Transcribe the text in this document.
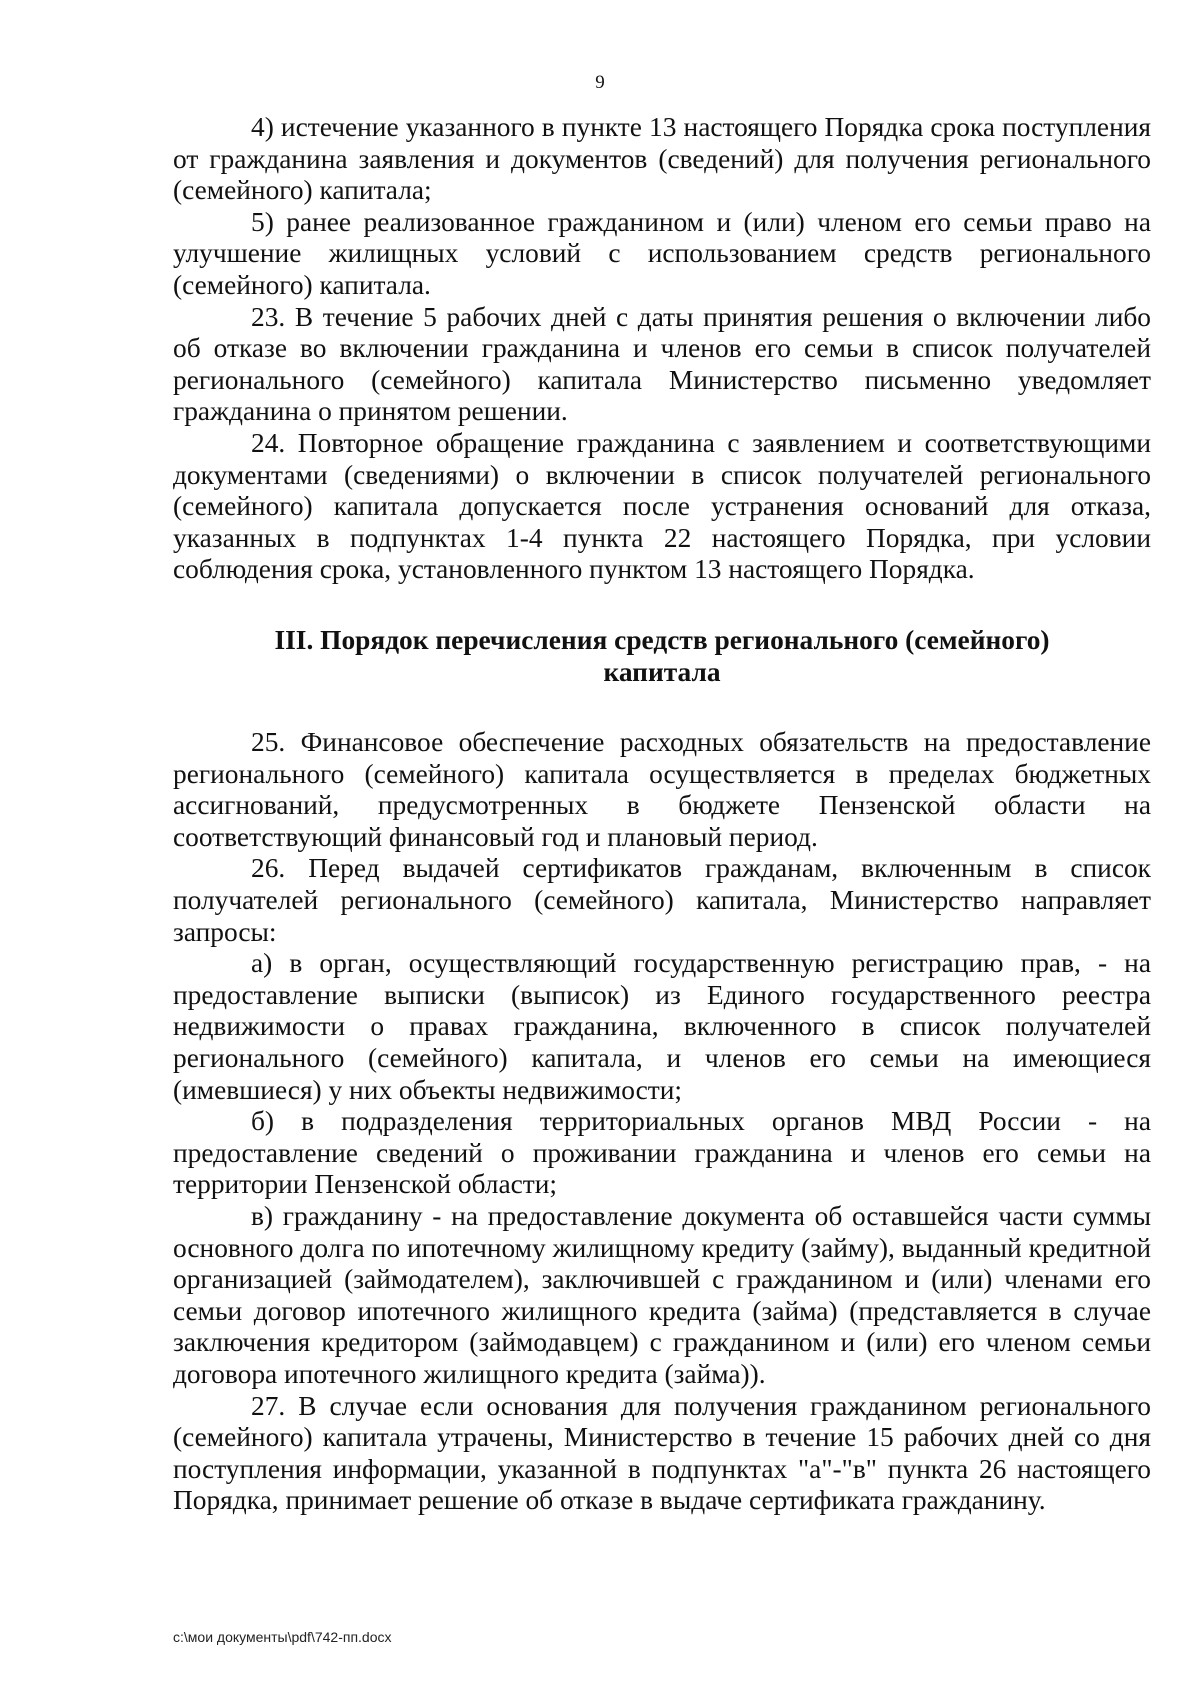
9

4) истечение указанного в пункте 13 настоящего Порядка срока поступления от гражданина заявления и документов (сведений) для получения регионального (семейного) капитала;

5) ранее реализованное гражданином и (или) членом его семьи право на улучшение жилищных условий с использованием средств регионального (семейного) капитала.

23. В течение 5 рабочих дней с даты принятия решения о включении либо об отказе во включении гражданина и членов его семьи в список получателей регионального (семейного) капитала Министерство письменно уведомляет гражданина о принятом решении.

24. Повторное обращение гражданина с заявлением и соответствующими документами (сведениями) о включении в список получателей регионального (семейного) капитала допускается после устранения оснований для отказа, указанных в подпунктах 1-4 пункта 22 настоящего Порядка, при условии соблюдения срока, установленного пунктом 13 настоящего Порядка.

III. Порядок перечисления средств регионального (семейного) капитала

25. Финансовое обеспечение расходных обязательств на предоставление регионального (семейного) капитала осуществляется в пределах бюджетных ассигнований, предусмотренных в бюджете Пензенской области на соответствующий финансовый год и плановый период.

26. Перед выдачей сертификатов гражданам, включенным в список получателей регионального (семейного) капитала, Министерство направляет запросы:

а) в орган, осуществляющий государственную регистрацию прав, - на предоставление выписки (выписок) из Единого государственного реестра недвижимости о правах гражданина, включенного в список получателей регионального (семейного) капитала, и членов его семьи на имеющиеся (имевшиеся) у них объекты недвижимости;

б) в подразделения территориальных органов МВД России - на предоставление сведений о проживании гражданина и членов его семьи на территории Пензенской области;

в) гражданину - на предоставление документа об оставшейся части суммы основного долга по ипотечному жилищному кредиту (займу), выданный кредитной организацией (займодателем), заключившей с гражданином и (или) членами его семьи договор ипотечного жилищного кредита (займа) (представляется в случае заключения кредитором (займодавцем) с гражданином и (или) его членом семьи договора ипотечного жилищного кредита (займа)).

27. В случае если основания для получения гражданином регионального (семейного) капитала утрачены, Министерство в течение 15 рабочих дней со дня поступления информации, указанной в подпунктах "а"-"в" пункта 26 настоящего Порядка, принимает решение об отказе в выдаче сертификата гражданину.

c:\мои документы\pdf\742-пп.docx
